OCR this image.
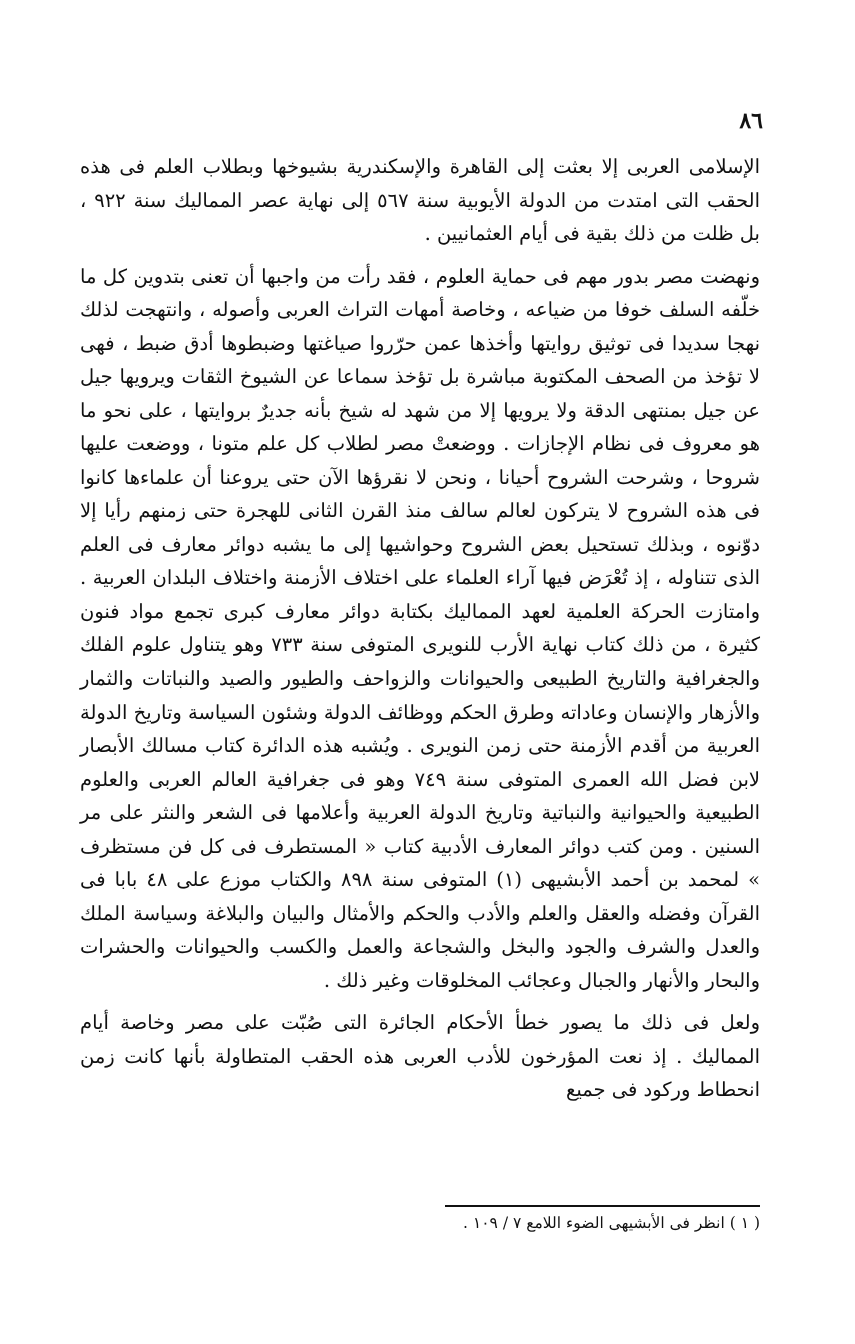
٨٦

الإسلامى العربى إلا بعثت إلى القاهرة والإسكندرية بشيوخها وبطلاب العلم فى هذه الحقب التى امتدت من الدولة الأيوبية سنة ٥٦٧ إلى نهاية عصر المماليك سنة ٩٢٢ ، بل ظلت من ذلك بقية فى أيام العثمانيين .

ونهضت مصر بدور مهم فى حماية العلوم ، فقد رأت من واجبها أن تعنى بتدوين كل ما خلّفه السلف خوفا من ضياعه ، وخاصة أمهات التراث العربى وأصوله ، وانتهجت لذلك نهجا سديدا فى توثيق روايتها وأخذها عمن حرّروا صياغتها وضبطوها أدق ضبط ، فهى لا تؤخذ من الصحف المكتوبة مباشرة بل تؤخذ سماعا عن الشيوخ الثقات ويرويها جيل عن جيل بمنتهى الدقة ولا يرويها إلا من شهد له شيخ بأنه جديرٌ بروايتها ، على نحو ما هو معروف فى نظام الإجازات . ووضعتْ مصر لطلاب كل علم متونا ، ووضعت عليها شروحا ، وشرحت الشروح أحيانا ، ونحن لا نقرؤها الآن حتى يروعنا أن علماءها كانوا فى هذه الشروح لا يتركون لعالم سالف منذ القرن الثانى للهجرة حتى زمنهم رأيا إلا دوّنوه ، وبذلك تستحيل بعض الشروح وحواشيها إلى ما يشبه دوائر معارف فى العلم الذى تتناوله ، إذ تُعْرَض فيها آراء العلماء على اختلاف الأزمنة واختلاف البلدان العربية . وامتازت الحركة العلمية لعهد المماليك بكتابة دوائر معارف كبرى تجمع مواد فنون كثيرة ، من ذلك كتاب نهاية الأرب للنويرى المتوفى سنة ٧٣٣ وهو يتناول علوم الفلك والجغرافية والتاريخ الطبيعى والحيوانات والزواحف والطيور والصيد والنباتات والثمار والأزهار والإنسان وعاداته وطرق الحكم ووظائف الدولة وشئون السياسة وتاريخ الدولة العربية من أقدم الأزمنة حتى زمن النويرى . ويُشبه هذه الدائرة كتاب مسالك الأبصار لابن فضل الله العمرى المتوفى سنة ٧٤٩ وهو فى جغرافية العالم العربى والعلوم الطبيعية والحيوانية والنباتية وتاريخ الدولة العربية وأعلامها فى الشعر والنثر على مر السنين . ومن كتب دوائر المعارف الأدبية كتاب « المستطرف فى كل فن مستظرف » لمحمد بن أحمد الأبشيهى (١) المتوفى سنة ٨٩٨ والكتاب موزع على ٤٨ بابا فى القرآن وفضله والعقل والعلم والأدب والحكم والأمثال والبيان والبلاغة وسياسة الملك والعدل والشرف والجود والبخل والشجاعة والعمل والكسب والحيوانات والحشرات والبحار والأنهار والجبال وعجائب المخلوقات وغير ذلك .

ولعل فى ذلك ما يصور خطأ الأحكام الجائرة التى صُبّت على مصر وخاصة أيام المماليك . إذ نعت المؤرخون للأدب العربى هذه الحقب المتطاولة بأنها كانت زمن انحطاط وركود فى جميع

( ١ ) انظر فى الأبشيهى الضوء اللامع ٧ / ١٠٩ .
